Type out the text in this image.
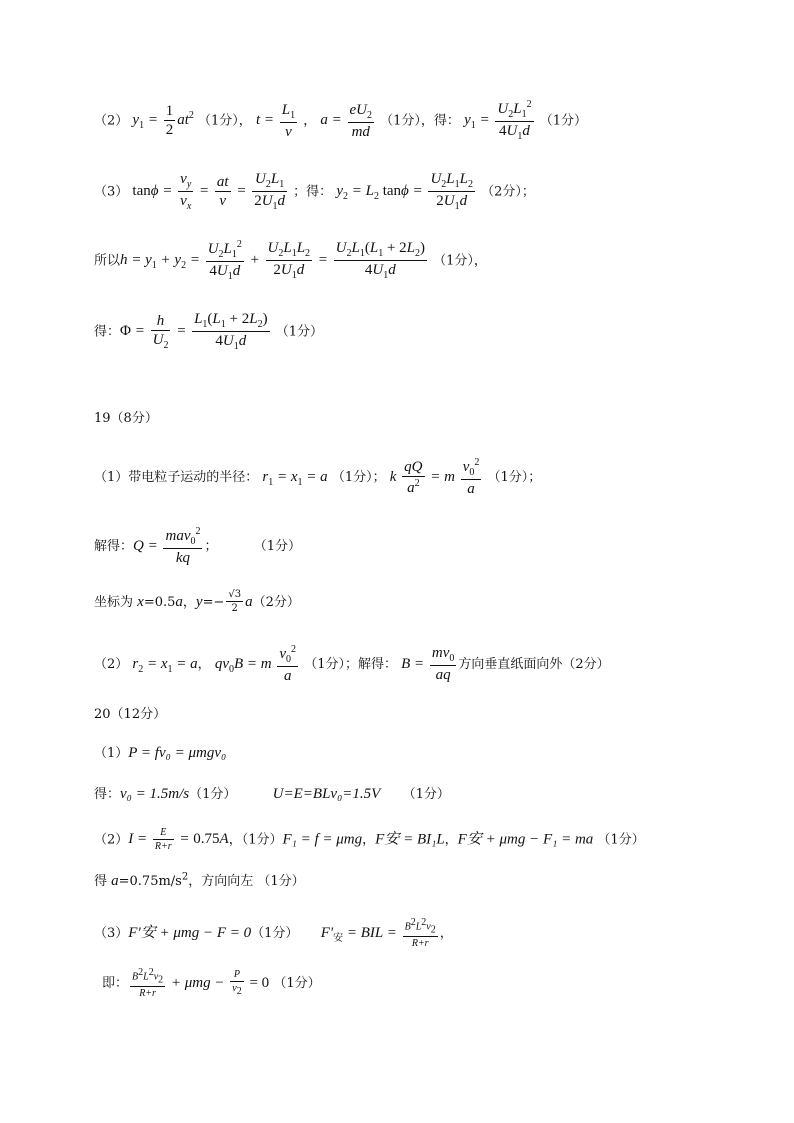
（2） $y_1 = \frac{1}{2} at^2$ （1分）， $t = \frac{L_1}{v}$ ， $a = \frac{eU_2}{md} (1$分），得： $y_1 = \frac{U_2L_1^2}{4U_1d} (1$分）
（3） $\tan\phi = \frac{v_y}{v_x} = \frac{at}{v} = \frac{U_2L_1}{2U_1d}$ ；得： $y_2 = L_2$ $\tan\phi = \frac{U_2L_1L_2}{2U_1d} (2$分）；
所以$h = y_1 + y_2 = \frac{U_2L_1^2}{4U_1d} + \frac{U_2L_1L_2}{2U_1d} = \frac{U_2L_1(L_1 + 2L_2)}{4U_1d} (1$分），
得：$\Phi = \frac{h}{U_2} = \frac{L_1(L_1 + 2L_2)}{4U_1d} (1$分）
19（8分）
（1）带电粒子运动的半径： $r_1 = x_1 = a$ （1分）； k $\frac{qQ}{a^2} = m \frac{v_0^2}{a} (1$分）；
解得：$Q = \frac{mav_0^2}{kq}$ ；	（1分）
坐标为 x=0.5a，$y=- \frac{√3}{2} a(2$分）
（2） $r_2 = x_1 = a$， $qv_0B = m \frac{v_0^2}{a} (1$分）；解得： $B = \frac{mv_0}{aq}$ 方向垂直纸面向外（2分）
20（12分）
（1）P = fv₀ = μmgv₀
得：v₀ = 1.5m/s（1分） U=E=BLv₀=1.5V （1分）
$(2)I = \frac{E}{R+r} = 0.75A$，（1分）F₁ = f = μmg，F安 = BI₁L，F安 + μmg − F₁ = ma （1分）
得 $a=0.75m/s^2$，方向向左 （1分）
（3）F′安 + μmg − F = 0（1分） $F'_安$ = BIL = $\frac{B^2L^2v_2}{R+r}$ ，
即： $\frac{B^2L^2v_2}{R+r} + \mu mg - \frac{P}{v_2} = 0$ （1分）
